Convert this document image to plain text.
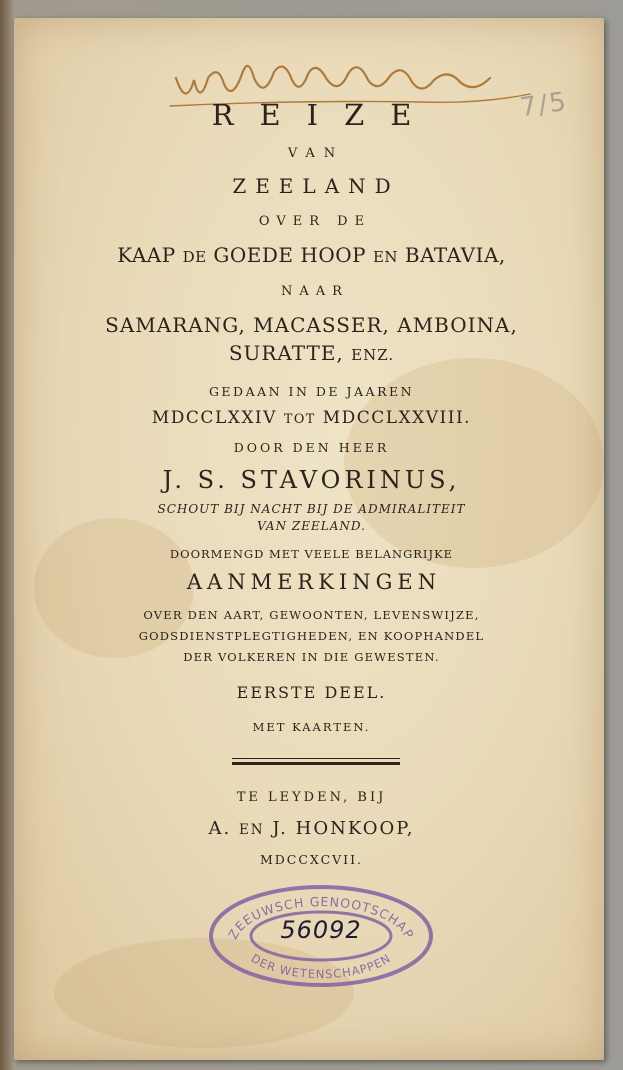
Wolterbeek
7/5
REIZE
VAN
ZEELAND
OVER DE
KAAP DE GOEDE HOOP EN BATAVIA,
NAAR
SAMARANG, MACASSER, AMBOINA,
SURATTE, ENZ.
GEDAAN IN DE JAAREN
MDCCLXXIV TOT MDCCLXXVIII.
DOOR DEN HEER
J. S. STAVORINUS,
SCHOUT BIJ NACHT BIJ DE ADMIRALITEIT
VAN ZEELAND.
DOORMENGD MET VEELE BELANGRIJKE
AANMERKINGEN
OVER DEN AART, GEWOONTEN, LEVENSWIJZE,
GODSDIENSTPLEGTIGHEDEN, EN KOOPHANDEL
DER VOLKEREN IN DIE GEWESTEN.
EERSTE DEEL.
MET KAARTEN.
TE LEYDEN, BIJ
A. EN J. HONKOOP,
MDCCXCVII.
ZEEUWSCH GENOOTSCHAP
DER WETENSCHAPPEN
56092
